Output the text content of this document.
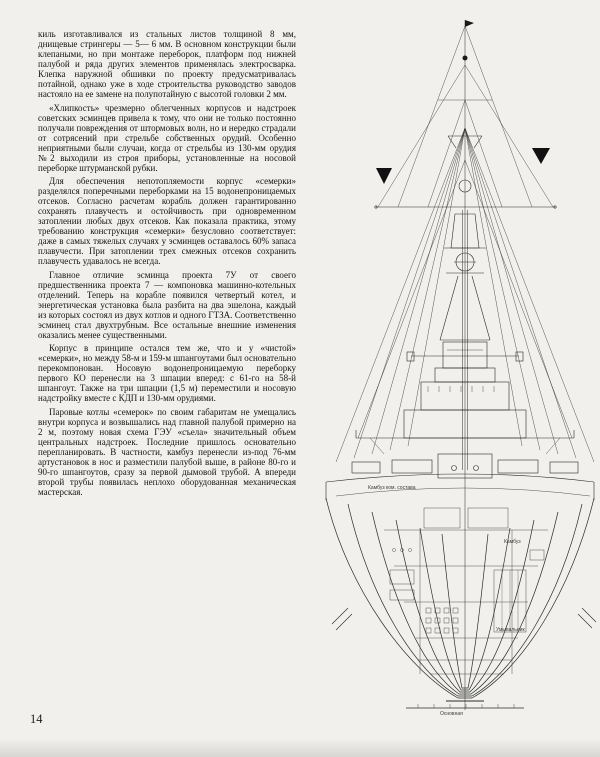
киль изготавливался из стальных листов толщиной 8 мм, днищевые стрингеры — 5— 6 мм. В основном конструкции были клепаными, но при монтаже переборок, платформ под нижней палубой и ряда других элементов применялась электросварка. Клепка наружной обшивки по проекту предусматривалась потайной, однако уже в ходе строительства руководство заводов настояло на ее замене на полупотайную с высотой головки 2 мм.

«Хлипкость» чрезмерно облегченных корпусов и надстроек советских эсминцев привела к тому, что они не только постоянно получали повреждения от штормовых волн, но и нередко страдали от сотрясений при стрельбе собственных орудий. Особенно неприятными были случаи, когда от стрельбы из 130-мм орудия №2 выходили из строя приборы, установленные на носовой переборке штурманской рубки.

Для обеспечения непотопляемости корпус «семерки» разделялся поперечными переборками на 15 водонепроницаемых отсеков. Согласно расчетам корабль должен гарантированно сохранять плавучесть и остойчивость при одновременном затоплении любых двух отсеков. Как показала практика, этому требованию конструкция «семерки» безусловно соответствует: даже в самых тяжелых случаях у эсминцев оставалось 60% запаса плавучести. При затоплении трех смежных отсеков сохранить плавучесть удавалось не всегда.

Главное отличие эсминца проекта 7У от своего предшественника проекта 7 — компоновка машинно-котельных отделений. Теперь на корабле появился четвертый котел, и энергетическая установка была разбита на два эшелона, каждый из которых состоял из двух котлов и одного ГТЗА. Соответственно эсминец стал двухтрубным. Все остальные внешние изменения оказались менее существенными.

Корпус в принципе остался тем же, что и у «чистой» «семерки», но между 58-м и 159-м шпангоутами был основательно перекомпонован. Носовую водонепроницаемую переборку первого КО перенесли на 3 шпации вперед: с 61-го на 58-й шпангоут. Также на три шпации (1,5 м) переместили и носовую надстройку вместе с КДП и 130-мм орудиями.

Паровые котлы «семерок» по своим габаритам не умещались внутри корпуса и возвышались над главной палубой примерно на 2 м, поэтому новая схема ГЭУ «съела» значительный объем центральных надстроек. Последние пришлось основательно перепланировать. В частности, камбуз перенесли из-под 76-мм артустановок в нос и разместили палубой выше, в районе 80-го и 90-го шпангоутов, сразу за первой дымовой трубой. А впереди второй трубы появилась неплохо оборудованная механическая мастерская.	Камбуз ком. состава
Камбуз
Умывальник
Основная
14
